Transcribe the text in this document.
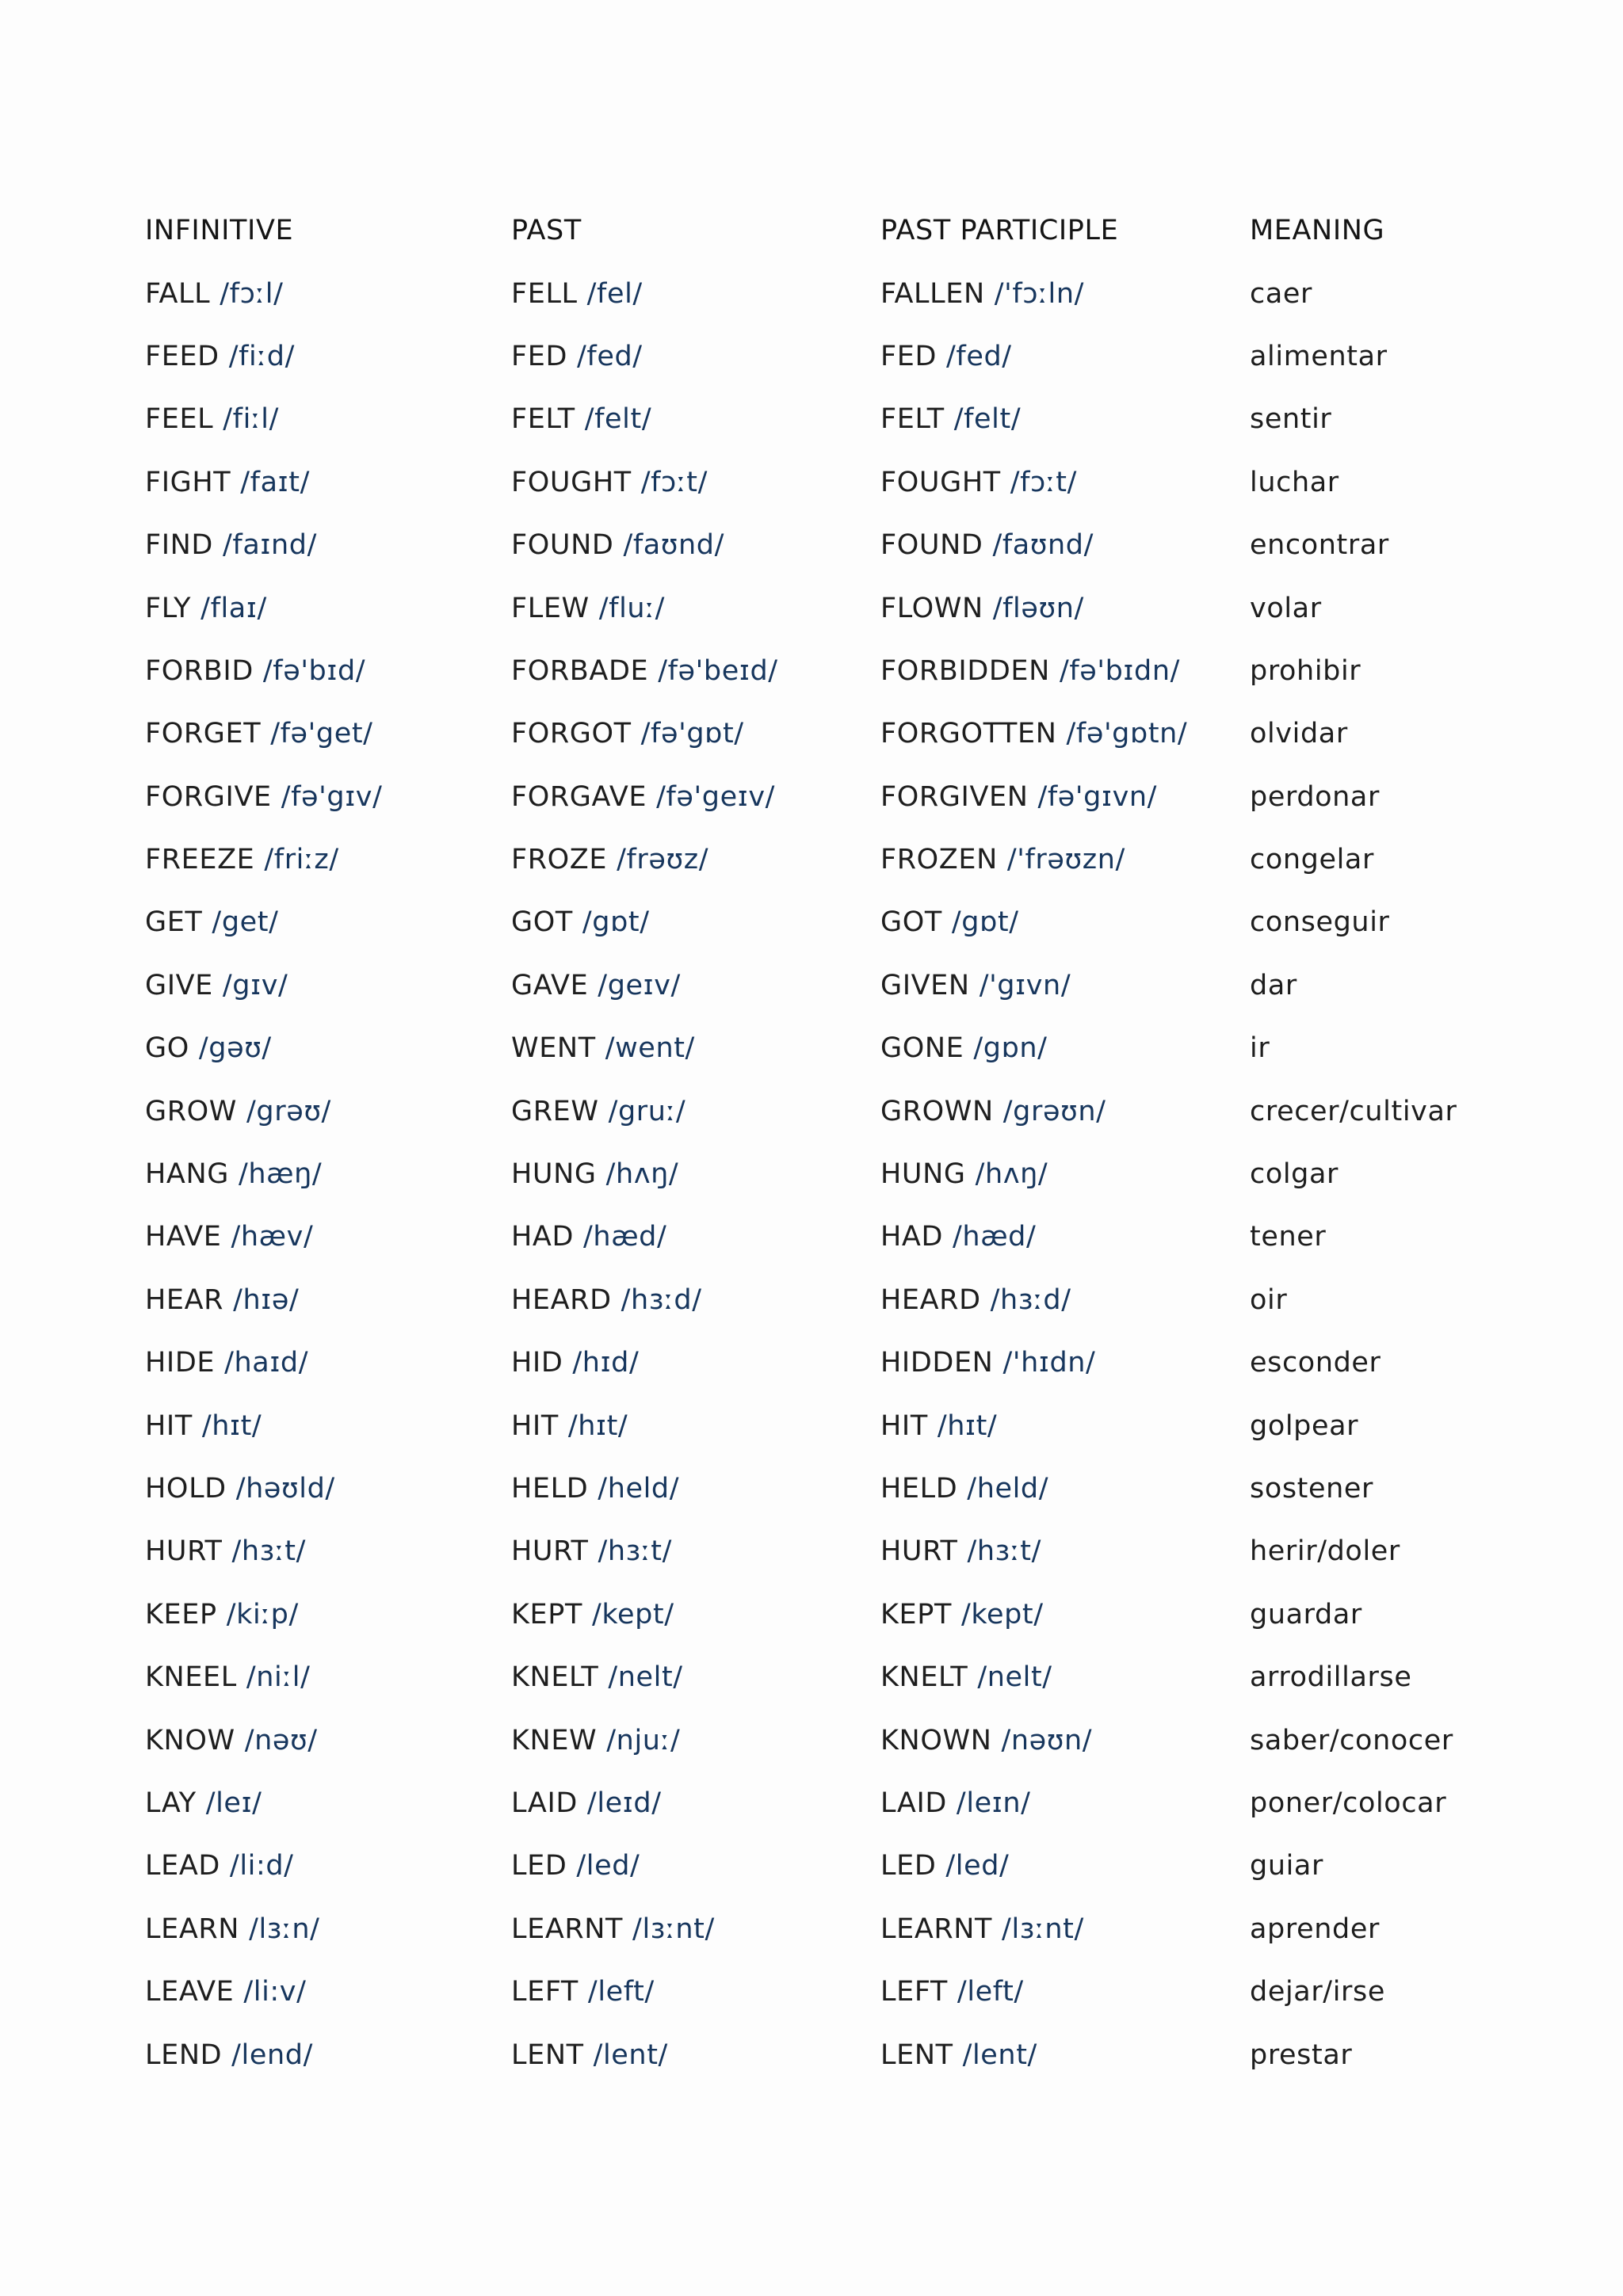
INFINITIVE	PAST	PAST PARTICIPLE	MEANING
FALL /fɔːl/	FELL /fel/	FALLEN /'fɔːln/	caer
FEED /fiːd/	FED /fed/	FED /fed/	alimentar
FEEL /fiːl/	FELT /felt/	FELT /felt/	sentir
FIGHT /faɪt/	FOUGHT /fɔːt/	FOUGHT /fɔːt/	luchar
FIND /faɪnd/	FOUND /faʊnd/	FOUND /faʊnd/	encontrar
FLY /flaɪ/	FLEW /fluː/	FLOWN /fləʊn/	volar
FORBID /fə'bɪd/	FORBADE /fə'beɪd/	FORBIDDEN /fə'bɪdn/	prohibir
FORGET /fə'get/	FORGOT /fə'gɒt/	FORGOTTEN /fə'gɒtn/	olvidar
FORGIVE /fə'gɪv/	FORGAVE /fə'geɪv/	FORGIVEN /fə'gɪvn/	perdonar
FREEZE /friːz/	FROZE /frəʊz/	FROZEN /'frəʊzn/	congelar
GET /get/	GOT /gɒt/	GOT /gɒt/	conseguir
GIVE /gɪv/	GAVE /geɪv/	GIVEN /'gɪvn/	dar
GO /gəʊ/	WENT /went/	GONE /gɒn/	ir
GROW /grəʊ/	GREW /gruː/	GROWN /grəʊn/	crecer/cultivar
HANG /hæŋ/	HUNG /hʌŋ/	HUNG /hʌŋ/	colgar
HAVE /hæv/	HAD /hæd/	HAD /hæd/	tener
HEAR /hɪə/	HEARD /hɜːd/	HEARD /hɜːd/	oir
HIDE /haɪd/	HID /hɪd/	HIDDEN /'hɪdn/	esconder
HIT /hɪt/	HIT /hɪt/	HIT /hɪt/	golpear
HOLD /həʊld/	HELD /held/	HELD /held/	sostener
HURT /hɜːt/	HURT /hɜːt/	HURT /hɜːt/	herir/doler
KEEP /kiːp/	KEPT /kept/	KEPT /kept/	guardar
KNEEL /niːl/	KNELT /nelt/	KNELT /nelt/	arrodillarse
KNOW /nəʊ/	KNEW /njuː/	KNOWN /nəʊn/	saber/conocer
LAY /leɪ/	LAID /leɪd/	LAID /leɪn/	poner/colocar
LEAD /li:d/	LED /led/	LED /led/	guiar
LEARN /lɜːn/	LEARNT /lɜːnt/	LEARNT /lɜːnt/	aprender
LEAVE /li:v/	LEFT /left/	LEFT /left/	dejar/irse
LEND /lend/	LENT /lent/	LENT /lent/	prestar
